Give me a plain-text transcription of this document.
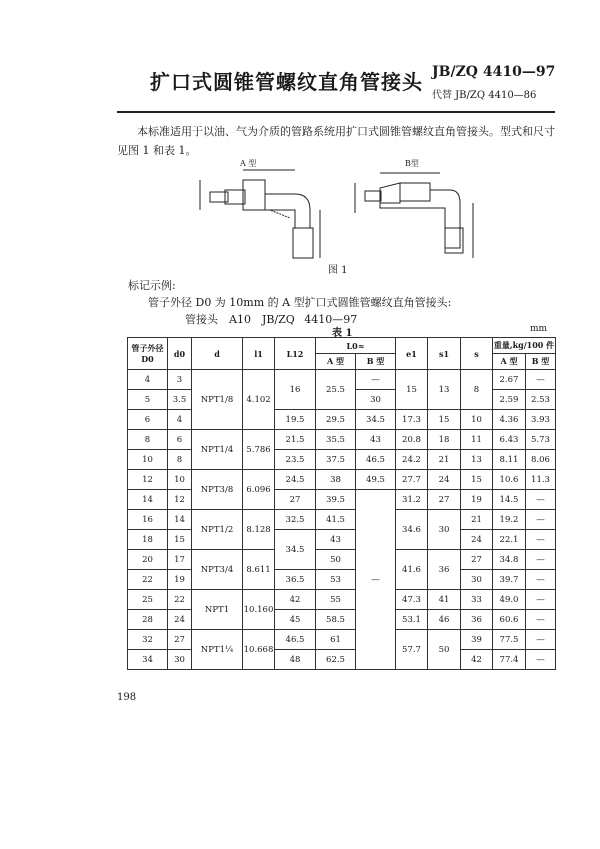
扩口式圆锥管螺纹直角管接头 JB/ZQ 4410—97
代替 JB/ZQ 4410—86
本标准适用于以油、气为介质的管路系统用扩口式圆锥管螺纹直角管接头。型式和尺寸见图 1 和表 1。
A 型	B型
图 1
标记示例:
管子外径 D0 为 10mm 的 A 型扩口式圆锥管螺纹直角管接头:
管接头　A10　JB/ZQ 4410—97
表 1	mm
管子外径 D0	d0	d	l1	L12	L0≈		e1	s1	s	重量,kg/100 件	
					A 型	B 型				A 型	B 型
4	3	NPT1/8	4.102	16	25.5	—	15	13	8	2.67	—
5	3.5					30				2.59	2.53
6	4			19.5	29.5	34.5	17.3	15	10	4.36	3.93
8	6	NPT1/4	5.786	21.5	35.5	43	20.8	18	11	6.43	5.73
10	8			23.5	37.5	46.5	24.2	21	13	8.11	8.06
12	10	NPT3/8	6.096	24.5	38	49.5	27.7	24	15	10.6	11.3
14	12			27	39.5	—	31.2	27	19	14.5	—
16	14	NPT1/2	8.128	32.5	41.5		34.6	30	21	19.2	—
18	15			34.5	43				24	22.1	—
20	17	NPT3/4	8.611		50		41.6	36	27	34.8	—
22	19			36.5	53				30	39.7	—
25	22	NPT1	10.160	42	55		47.3	41	33	49.0	—
28	24			45	58.5		53.1	46	36	60.6	—
32	27	NPT1¼	10.668	46.5	61		57.7	50	39	77.5	—
34	30			48	62.5				42	77.4	—
198
